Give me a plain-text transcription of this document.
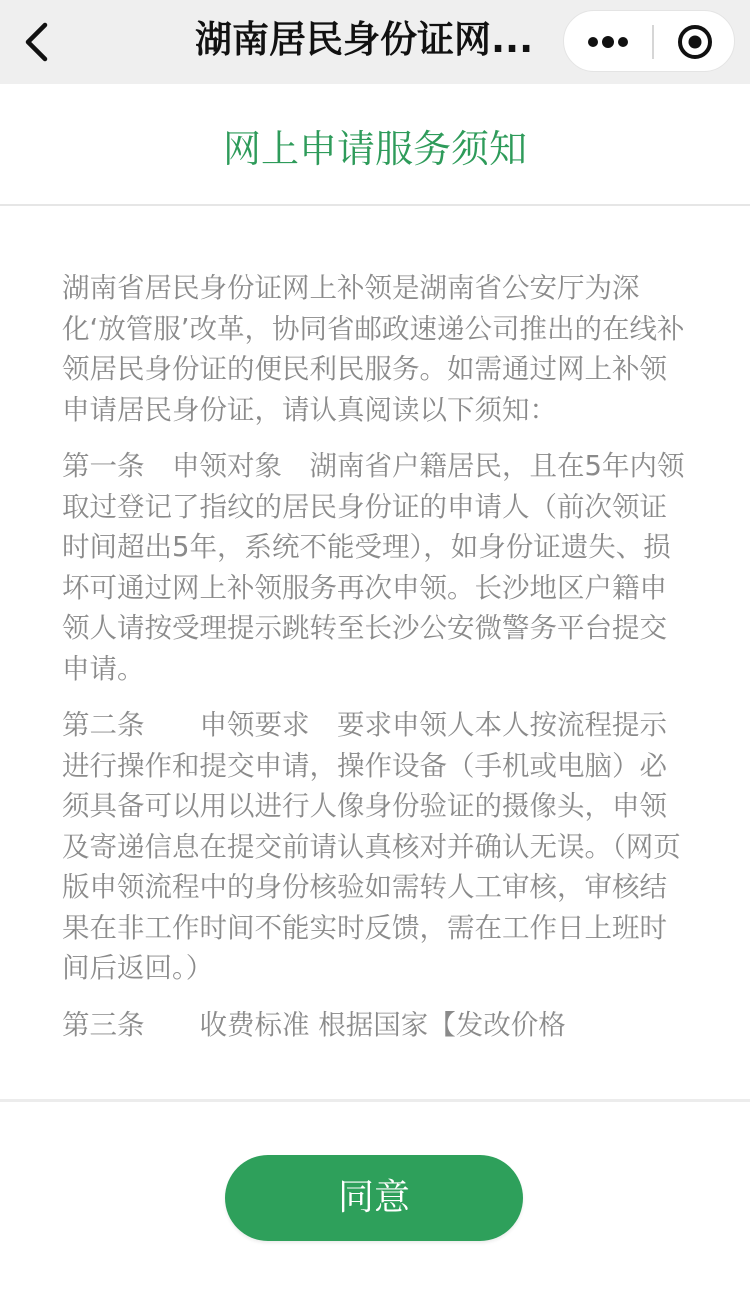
湖南居民身份证网...
网上申请服务须知

湖南省居民身份证网上补领是湖南省公安厅为深化‘放管服’改革，协同省邮政速递公司推出的在线补领居民身份证的便民利民服务。如需通过网上补领申请居民身份证，请认真阅读以下须知：

第一条　申领对象　湖南省户籍居民，且在5年内领取过登记了指纹的居民身份证的申请人（前次领证时间超出5年，系统不能受理），如身份证遗失、损坏可通过网上补领服务再次申领。长沙地区户籍申领人请按受理提示跳转至长沙公安微警务平台提交申请。

第二条　　申领要求　要求申领人本人按流程提示进行操作和提交申请，操作设备（手机或电脑）必须具备可以用以进行人像身份验证的摄像头，申领及寄递信息在提交前请认真核对并确认无误。（网页版申领流程中的身份核验如需转人工审核，审核结果在非工作时间不能实时反馈，需在工作日上班时间后返回。）

第三条　　收费标准 根据国家【发改价格

同意
